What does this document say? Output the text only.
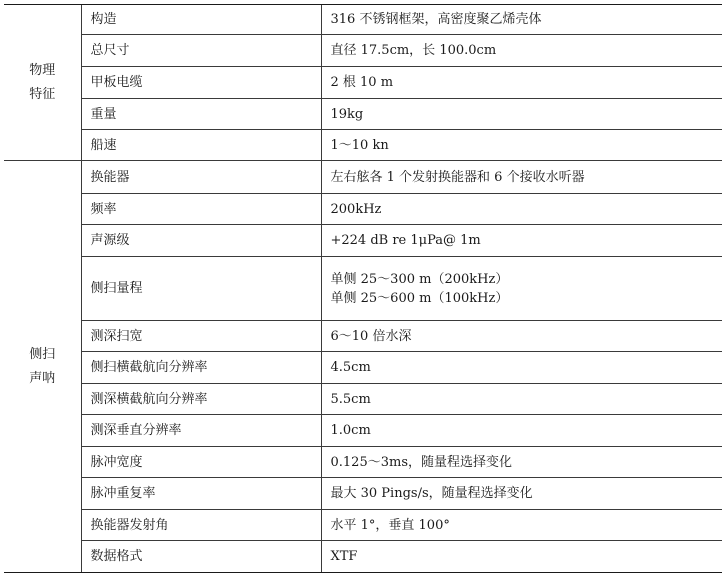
物理特征	构造	316 不锈钢框架，高密度聚乙烯壳体

	总尺寸	直径 17.5cm，长 100.0cm

	甲板电缆	2 根 10 m

	重量	19kg

	船速	1～10 kn

侧扫声呐	换能器	左右舷各 1 个发射换能器和 6 个接收水听器

	频率	200kHz

	声源级	+224 dB re 1μPa@ 1m

	侧扫量程	单侧 25～300 m（200kHz）
单侧 25～600 m（100kHz）

	测深扫宽	6～10 倍水深

	侧扫横截航向分辨率	4.5cm

	测深横截航向分辨率	5.5cm

	测深垂直分辨率	1.0cm

	脉冲宽度	0.125～3ms，随量程选择变化

	脉冲重复率	最大 30 Pings/s，随量程选择变化

	换能器发射角	水平 1°，垂直 100°

	数据格式	XTF
